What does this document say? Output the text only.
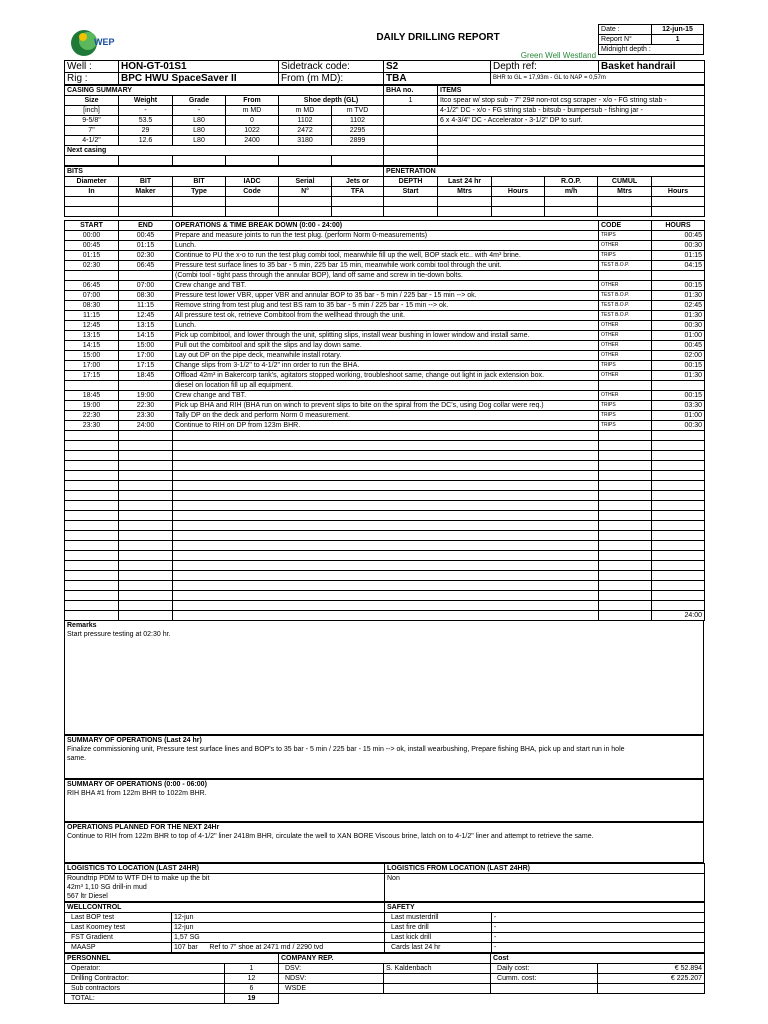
WEP	DAILY DRILLING REPORT	
Date :	12-jun-15
Report N°	1
Midnight depth :

	Green Well Westland
Well :	HON-GT-01S1	Sidetrack code:	S2	Depth ref:	Basket handrail
Rig :	BPC HWU SpaceSaver II	From (m MD):	TBA	BHR to GL = 17,93m - GL to NAP = 0,57m	
CASING SUMMARY						BHA no.	ITEMS
Size	Weight	Grade	From	Shoe depth (GL)		1	Itco spear w/ stop sub - 7" 29# non-rot csg scraper - x/o - FG string stab -
[inch]	-	-	m MD	m MD	m TVD		4-1/2" DC - x/o - FG string stab - bitsub - bumpersub - fishing jar -
9-5/8"	53.5	L80	0	1102	1102		6 x 4-3/4" DC - Accelerator - 3-1/2" DP to surf.
7"	29	L80	1022	2472	2295		
4-1/2"	12.6	L80	2400	3180	2899		
Next casing							

BITS						PENETRATION					
Diameter	BIT	BIT	IADC	Serial	Jets or	DEPTH	Last 24 hr		R.O.P.	CUMUL	
In	Maker	Type	Code	N°	TFA	Start	Mtrs	Hours	m/h	Mtrs	Hours

START	END	OPERATIONS & TIME BREAK DOWN (0:00 - 24:00)	CODE	HOURS
00:00	00:45	Prepare and measure joints to run the test plug. (perform Norm 0-measurements)	TRIPS	00:45
00:45	01:15	Lunch.	OTHER	00:30
01:15	02:30	Continue to PU the x-o to run the test plug combi tool, meanwhile fill up the well, BOP stack etc.. with 4m³ brine.	TRIPS	01:15
02:30	06:45	Pressure test surface lines to 35 bar - 5 min, 225 bar 15 min, meanwhile work combi tool through the unit.	TEST B.O.P.	04:15
		(Combi tool - tight pass through the annular BOP), land off same and screw in tie-down bolts.		
06:45	07:00	Crew change and TBT.	OTHER	00:15
07:00	08:30	Pressure test lower VBR, upper VBR and annular BOP to 35 bar - 5 min / 225 bar - 15 min --> ok.	TEST B.O.P.	01:30
08:30	11:15	Remove string from test plug and test BS ram to 35 bar - 5 min / 225 bar - 15 min --> ok.	TEST B.O.P.	02:45
11:15	12:45	All pressure test ok, retrieve Combitool from the wellhead through the unit.	TEST B.O.P.	01:30
12:45	13:15	Lunch.	OTHER	00:30
13:15	14:15	Pick up combitool, and lower through the unit, splitting slips, install wear bushing in lower window and install same.	OTHER	01:00
14:15	15:00	Pull out the combitool and spilt the slips and lay down same.	OTHER	00:45
15:00	17:00	Lay out DP on the pipe deck, meanwhile install rotary.	OTHER	02:00
17:00	17:15	Change slips from 3-1/2" to 4-1/2" inn order to run the BHA.	TRIPS	00:15
17:15	18:45	Offload 42m³ in Bakercorp tank's, agitators stopped working, troubleshoot same, change out light in jack extension box.	OTHER	01:30
		diesel on location fill up all equipment.		
18:45	19:00	Crew change and TBT.	OTHER	00:15
19:00	22:30	Pick up BHA and RIH (BHA run on winch to prevent slips to bite on the spiral from the DC's, using Dog collar were req.)	TRIPS	03:30
22:30	23:30	Tally DP on the deck and perform Norm 0 measurement.	TRIPS	01:00
23:30	24:00	Continue to RIH on DP from 123m BHR.	TRIPS	00:30

				24:00
Remarks
Start pressure testing at 02:30 hr.
SUMMARY OF OPERATIONS (Last 24 hr)
Finalize commissioning unit, Pressure test surface lines and BOP's to 35 bar - 5 min / 225 bar - 15 min --> ok, install wearbushing, Prepare fishing BHA, pick up and start run in hole
same.
SUMMARY OF OPERATIONS (0:00 - 06:00)
RIH BHA #1 from 122m BHR to 1022m BHR.
OPERATIONS PLANNED FOR THE NEXT 24Hr
Continue to RIH from 122m BHR to top of 4-1/2" liner 2418m BHR, circulate the well to XAN BORE Viscous brine, latch on to 4-1/2" liner and attempt to retrieve the same.
LOGISTICS TO LOCATION (LAST 24HR)	LOGISTICS FROM LOCATION (LAST 24HR)
Roundtrip PDM to WTF DH to make up the bit	Non
42m³ 1,10 SG drill-in mud	
567 ltr Diesel	
WELLCONTROL		SAFETY	
Last BOP test	12-jun	Last musterdrill	-
Last Koomey test	12-jun	Last fire drill	-
FST Gradient	1,57 SG	Last kick drill	-
MAASP	107 bar Ref to 7" shoe at 2471 md / 2290 tvd	Cards last 24 hr	-
PERSONNEL		COMPANY REP.		Cost	
Operator:	1	DSV:	S. Kaldenbach	Daily cost:	€ 52.894
Drilling Contractor:	12	NDSV:		Cumm. cost:	€ 225.207
Sub contractors	6	WSDE			
TOTAL:	19				
